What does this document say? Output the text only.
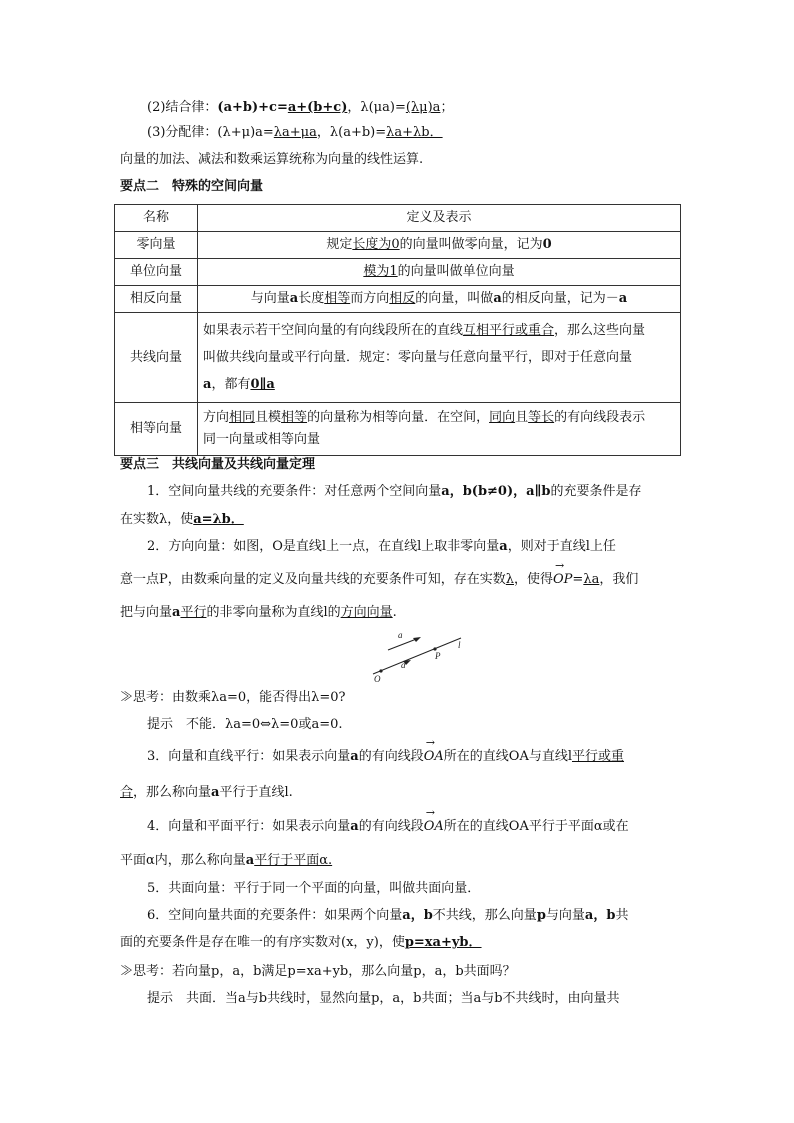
(2)结合律：(a+b)+c=a+(b+c)，λ(μa)=(λμ)a；
(3)分配律：(λ+μ)a=λa+μa，λ(a+b)=λa+λb．
向量的加法、减法和数乘运算统称为向量的线性运算.
要点二　特殊的空间向量
名称	定义及表示
零向量	规定长度为0的向量叫做零向量，记为0
单位向量	模为1的向量叫做单位向量
相反向量	与向量a长度相等而方向相反的向量，叫做a的相反向量，记为－a
共线向量	如果表示若干空间向量的有向线段所在的直线互相平行或重合，那么这些向量
叫做共线向量或平行向量．规定：零向量与任意向量平行，即对于任意向量
a，都有0∥a

相等向量	方向相同且模相等的向量称为相等向量．在空间，同向且等长的有向线段表示
同一向量或相等向量
要点三　共线向量及共线向量定理
1．空间向量共线的充要条件：对任意两个空间向量a，b(b≠0)，a∥b的充要条件是存
在实数λ，使a=λb．
2．方向向量：如图，O是直线l上一点，在直线l上取非零向量a，则对于直线l上任
意一点P，由数乘向量的定义及向量共线的充要条件可知，存在实数λ，使得→ OP=λa，我们
把与向量a平行的非零向量称为直线l的方向向量.
a
a
l
P
O
≫思考：由数乘λa=0，能否得出λ=0?
提示　不能．λa=0⇔λ=0或a=0.
3．向量和直线平行：如果表示向量a的有向线段→ OA所在的直线OA与直线l平行或重
合，那么称向量a平行于直线l.
4．向量和平面平行：如果表示向量a的有向线段→ OA所在的直线OA平行于平面α或在
平面α内，那么称向量a平行于平面α.
5．共面向量：平行于同一个平面的向量，叫做共面向量．
6．空间向量共面的充要条件：如果两个向量a，b不共线，那么向量p与向量a，b共
面的充要条件是存在唯一的有序实数对(x，y)，使p=xa+yb．
≫思考：若向量p，a，b满足p=xa+yb，那么向量p，a，b共面吗？
提示　共面．当a与b共线时，显然向量p，a，b共面；当a与b不共线时，由向量共
